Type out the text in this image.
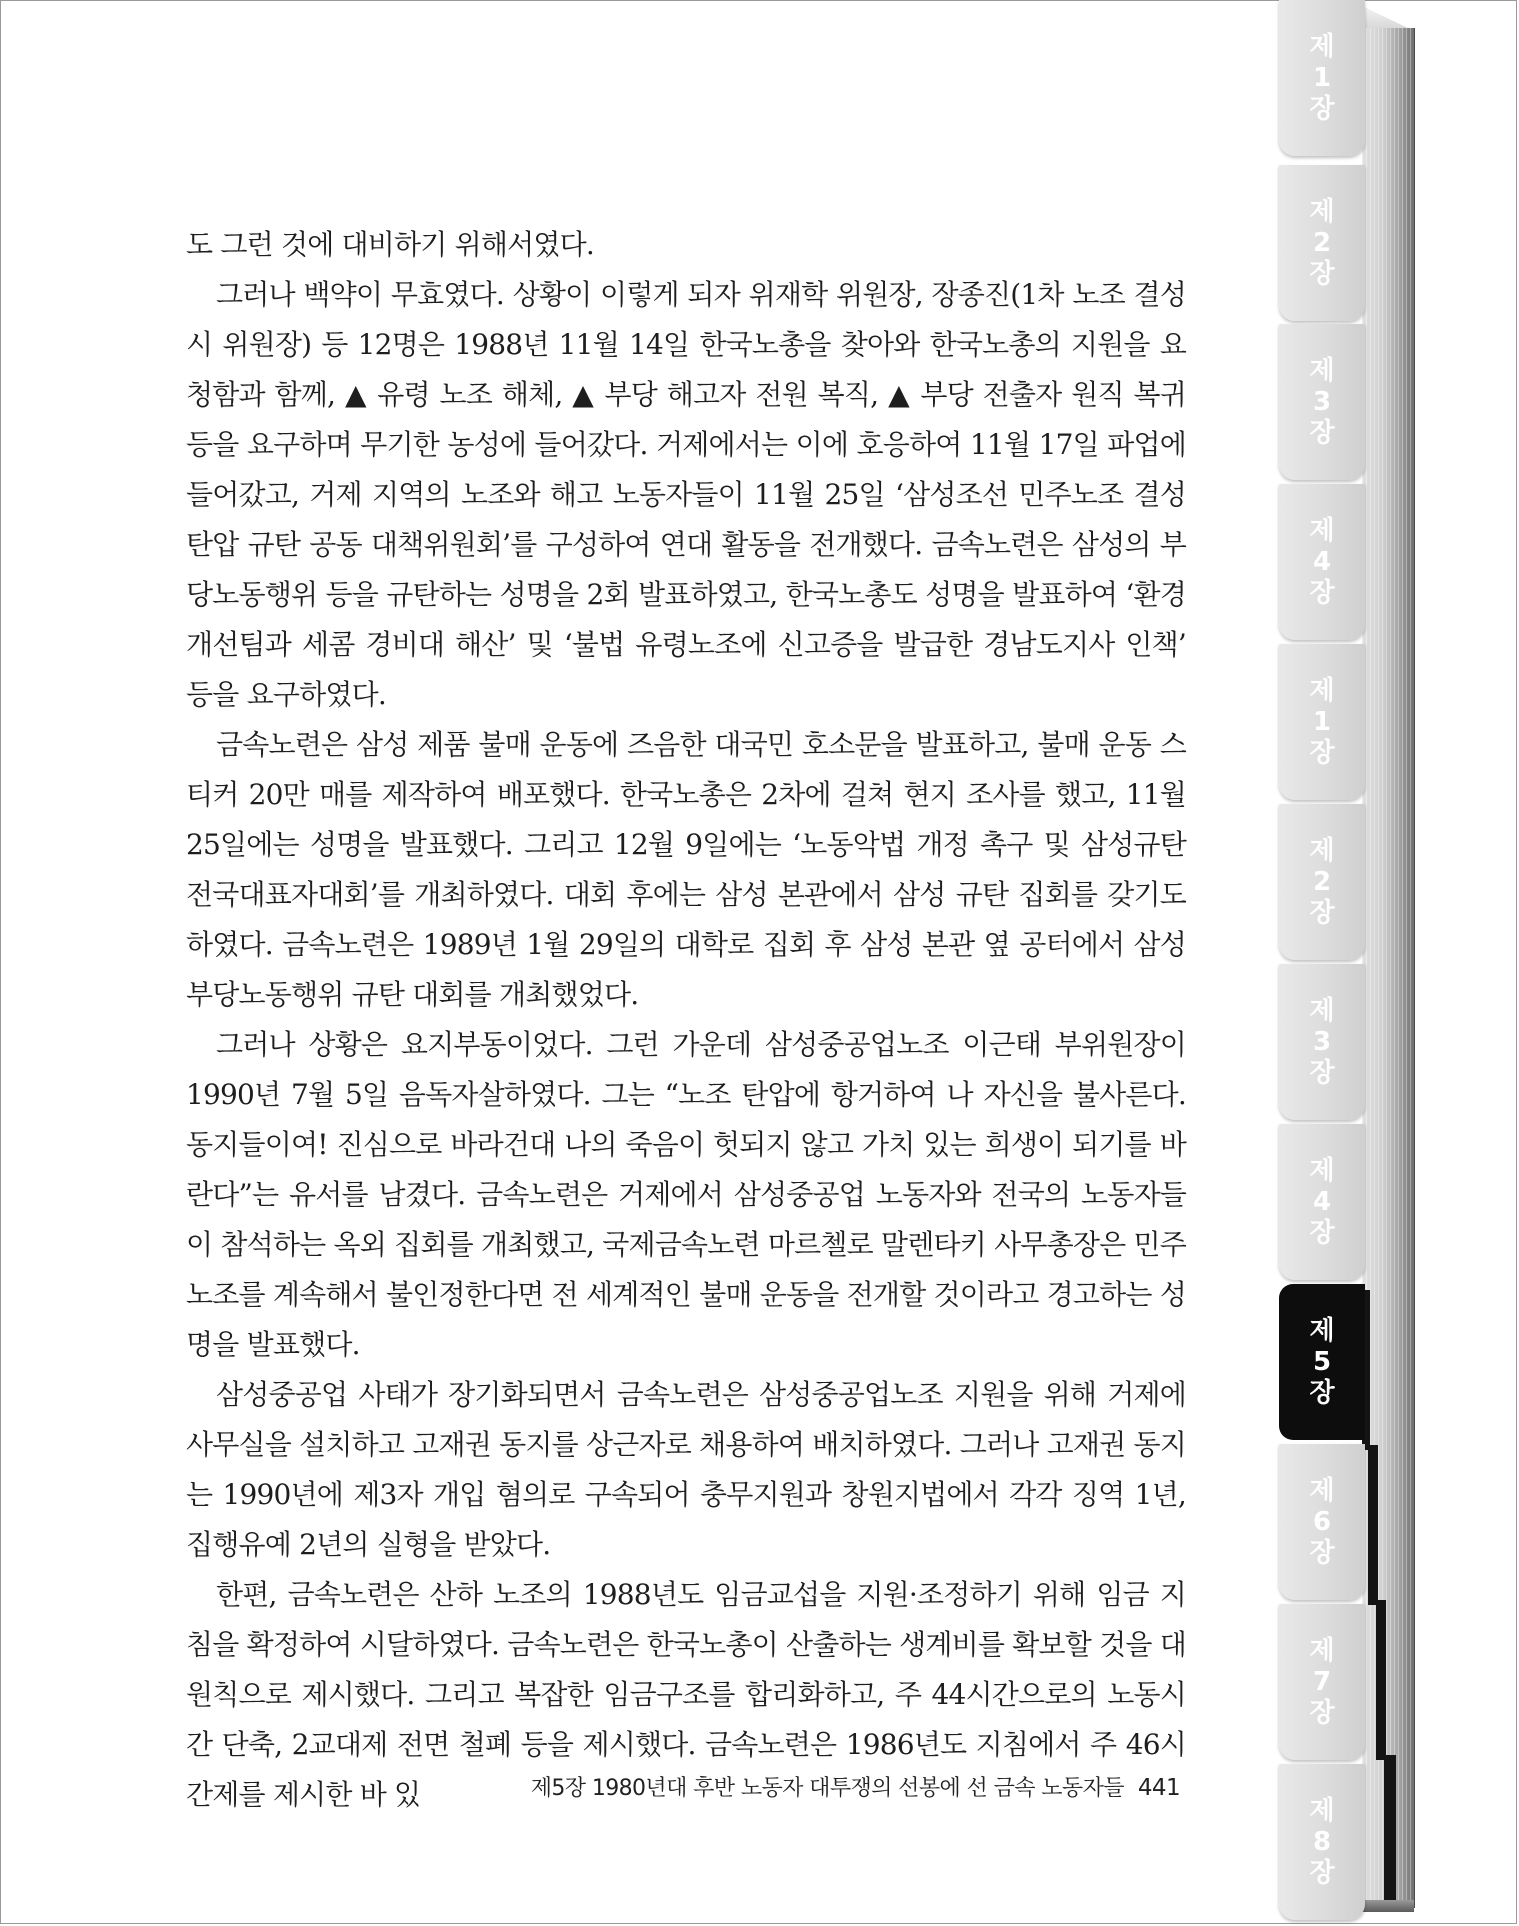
제
1
장
제
2
장
제
3
장
제
4
장
제
1
장
제
2
장
제
3
장
제
4
장
제
5
장
제
6
장
제
7
장
제
8
장

도 그런 것에 대비하기 위해서였다.

그러나 백약이 무효였다. 상황이 이렇게 되자 위재학 위원장, 장종진(1차 노조 결성 시 위원장) 등 12명은 1988년 11월 14일 한국노총을 찾아와 한국노총의 지원을 요청함과 함께, ▲ 유령 노조 해체, ▲ 부당 해고자 전원 복직, ▲ 부당 전출자 원직 복귀 등을 요구하며 무기한 농성에 들어갔다. 거제에서는 이에 호응하여 11월 17일 파업에 들어갔고, 거제 지역의 노조와 해고 노동자들이 11월 25일 ‘삼성조선 민주노조 결성 탄압 규탄 공동 대책위원회’를 구성하여 연대 활동을 전개했다. 금속노련은 삼성의 부당노동행위 등을 규탄하는 성명을 2회 발표하였고, 한국노총도 성명을 발표하여 ‘환경개선팀과 세콤 경비대 해산’ 및 ‘불법 유령노조에 신고증을 발급한 경남도지사 인책’ 등을 요구하였다.

금속노련은 삼성 제품 불매 운동에 즈음한 대국민 호소문을 발표하고, 불매 운동 스티커 20만 매를 제작하여 배포했다. 한국노총은 2차에 걸쳐 현지 조사를 했고, 11월 25일에는 성명을 발표했다. 그리고 12월 9일에는 ‘노동악법 개정 촉구 및 삼성규탄 전국대표자대회’를 개최하였다. 대회 후에는 삼성 본관에서 삼성 규탄 집회를 갖기도 하였다. 금속노련은 1989년 1월 29일의 대학로 집회 후 삼성 본관 옆 공터에서 삼성 부당노동행위 규탄 대회를 개최했었다.

그러나 상황은 요지부동이었다. 그런 가운데 삼성중공업노조 이근태 부위원장이 1990년 7월 5일 음독자살하였다. 그는 “노조 탄압에 항거하여 나 자신을 불사른다. 동지들이여! 진심으로 바라건대 나의 죽음이 헛되지 않고 가치 있는 희생이 되기를 바란다”는 유서를 남겼다. 금속노련은 거제에서 삼성중공업 노동자와 전국의 노동자들이 참석하는 옥외 집회를 개최했고, 국제금속노련 마르첼로 말렌타키 사무총장은 민주노조를 계속해서 불인정한다면 전 세계적인 불매 운동을 전개할 것이라고 경고하는 성명을 발표했다.

삼성중공업 사태가 장기화되면서 금속노련은 삼성중공업노조 지원을 위해 거제에 사무실을 설치하고 고재권 동지를 상근자로 채용하여 배치하였다. 그러나 고재권 동지는 1990년에 제3자 개입 혐의로 구속되어 충무지원과 창원지법에서 각각 징역 1년, 집행유예 2년의 실형을 받았다.

한편, 금속노련은 산하 노조의 1988년도 임금교섭을 지원·조정하기 위해 임금 지침을 확정하여 시달하였다. 금속노련은 한국노총이 산출하는 생계비를 확보할 것을 대원칙으로 제시했다. 그리고 복잡한 임금구조를 합리화하고, 주 44시간으로의 노동시간 단축, 2교대제 전면 철폐 등을 제시했다. 금속노련은 1986년도 지침에서 주 46시간제를 제시한 바 있	제5장 1980년대 후반 노동자 대투쟁의 선봉에 선 금속 노동자들 441
